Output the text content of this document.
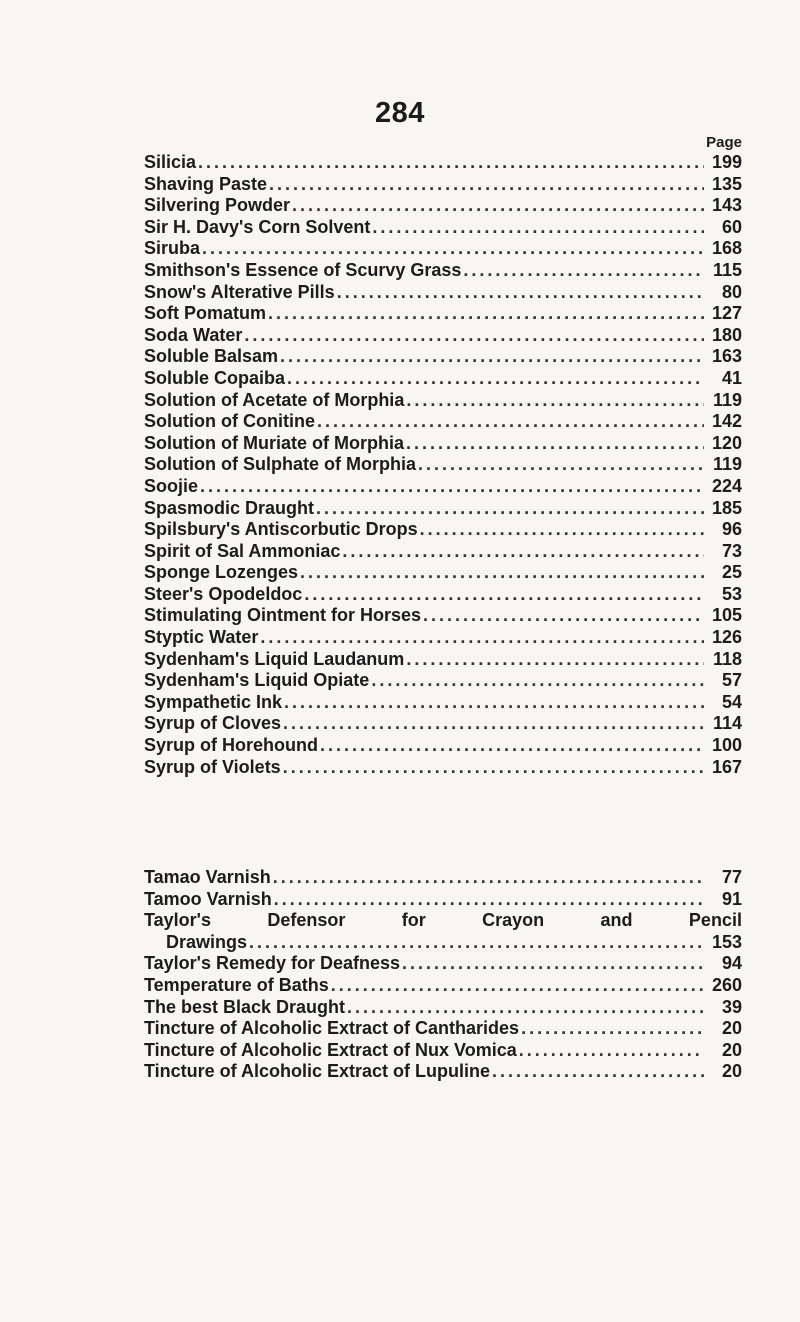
284
Page
Silicia . . .	199
Shaving Paste . . .	135
Silvering Powder . . .	143
Sir H. Davy's Corn Solvent . . .	60
Siruba . . .	168
Smithson's Essence of Scurvy Grass . . .	115
Snow's Alterative Pills . . .	80
Soft Pomatum . . .	127
Soda Water . . .	180
Soluble Balsam . . .	163
Soluble Copaiba . . .	41
Solution of Acetate of Morphia . . .	119
Solution of Conitine . . .	142
Solution of Muriate of Morphia . . .	120
Solution of Sulphate of Morphia . . .	119
Soojie . . .	224
Spasmodic Draught . . .	185
Spilsbury's Antiscorbutic Drops . . .	96
Spirit of Sal Ammoniac . . .	73
Sponge Lozenges . . .	25
Steer's Opodeldoc . . .	53
Stimulating Ointment for Horses . . .	105
Styptic Water . . .	126
Sydenham's Liquid Laudanum . . .	118
Sydenham's Liquid Opiate . . .	57
Sympathetic Ink . . .	54
Syrup of Cloves . . .	114
Syrup of Horehound . . .	100
Syrup of Violets . . .	167
Tamao Varnish . . .	77
Tamoo Varnish . . .	91
Taylor's	Defensor	for	Crayon	and	Pencil
Drawings . . .	153
Taylor's Remedy for Deafness . . .	94
Temperature of Baths . . .	260
The best Black Draught . . .	39
Tincture of Alcoholic Extract of Cantharides . . .	20
Tincture of Alcoholic Extract of Nux Vomica . . .	20
Tincture of Alcoholic Extract of Lupuline . . .	20
